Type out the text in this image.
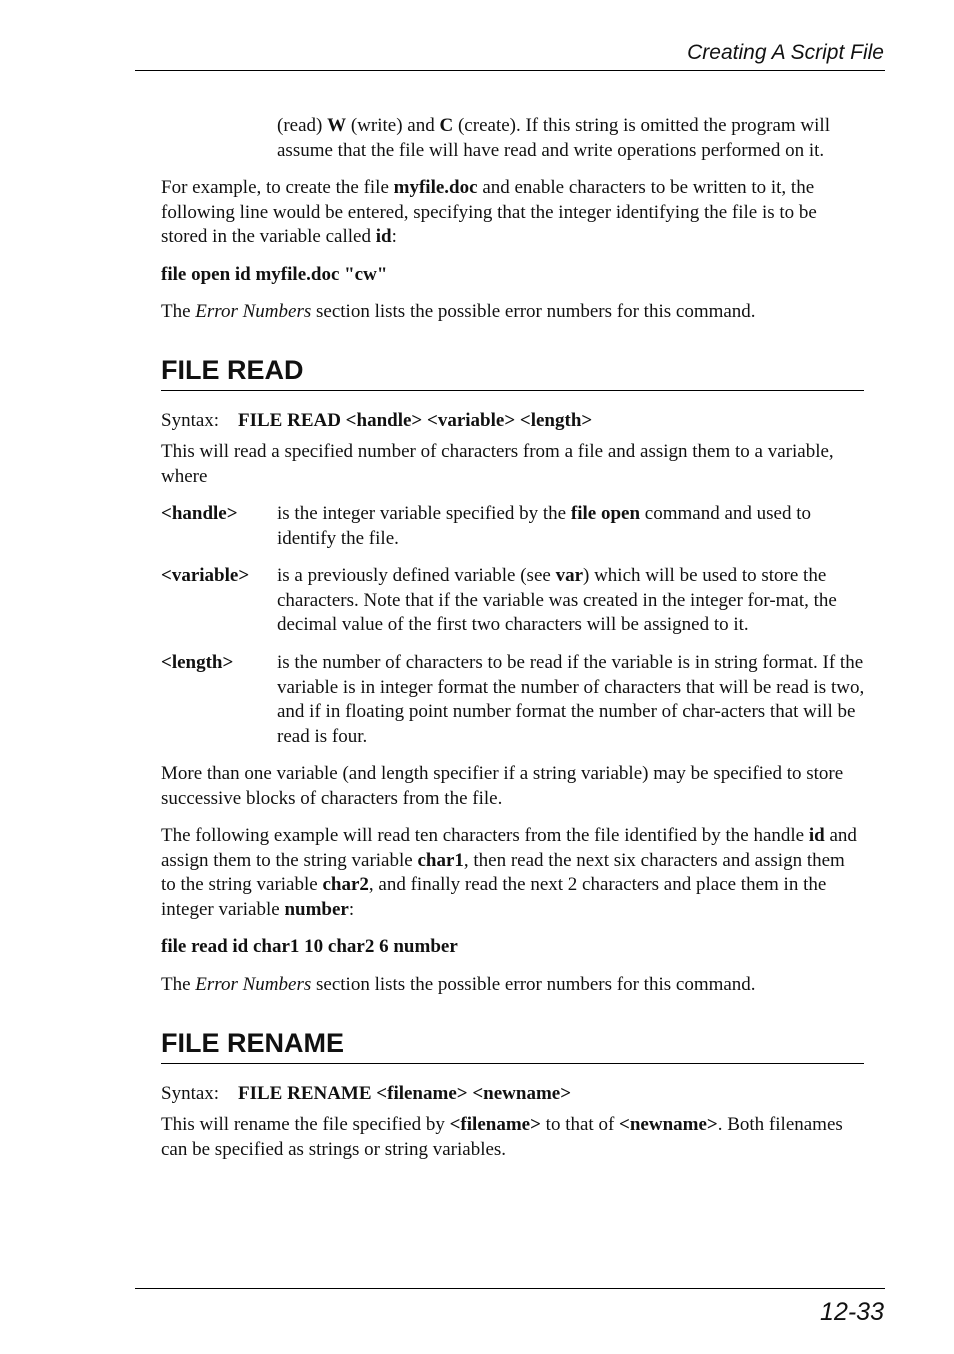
Creating A Script File

(read) W (write) and C (create). If this string is omitted the program will assume that the file will have read and write operations performed on it.

For example, to create the file myfile.doc and enable characters to be written to it, the following line would be entered, specifying that the integer identifying the file is to be stored in the variable called id:

file open id myfile.doc "cw"

The Error Numbers section lists the possible error numbers for this command.

FILE READ

Syntax: FILE READ <handle> <variable> <length>

This will read a specified number of characters from a file and assign them to a variable, where

<handle> is the integer variable specified by the file open command and used to identify the file.

<variable> is a previously defined variable (see var) which will be used to store the characters. Note that if the variable was created in the integer for-mat, the decimal value of the first two characters will be assigned to it.

<length> is the number of characters to be read if the variable is in string format. If the variable is in integer format the number of characters that will be read is two, and if in floating point number format the number of char-acters that will be read is four.

More than one variable (and length specifier if a string variable) may be specified to store successive blocks of characters from the file.

The following example will read ten characters from the file identified by the handle id and assign them to the string variable char1, then read the next six characters and assign them to the string variable char2, and finally read the next 2 characters and place them in the integer variable number:

file read id char1 10 char2 6 number

The Error Numbers section lists the possible error numbers for this command.

FILE RENAME

Syntax: FILE RENAME <filename> <newname>

This will rename the file specified by <filename> to that of <newname>. Both filenames can be specified as strings or string variables.

12-33
